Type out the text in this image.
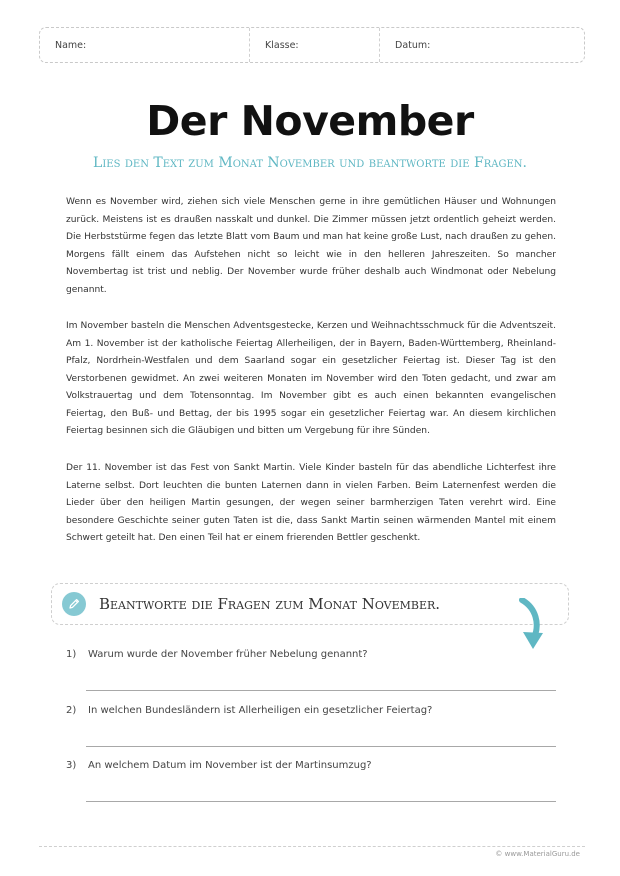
Name:	Klasse:	Datum:
Der November
Lies den Text zum Monat November und beantworte die Fragen.

Wenn es November wird, ziehen sich viele Menschen gerne in ihre gemütlichen Häuser und Wohnungen zurück. Meistens ist es draußen nasskalt und dunkel. Die Zimmer müssen jetzt ordentlich geheizt werden. Die Herbststürme fegen das letzte Blatt vom Baum und man hat keine große Lust, nach draußen zu gehen. Morgens fällt einem das Aufstehen nicht so leicht wie in den helleren Jahreszeiten. So mancher Novembertag ist trist und neblig. Der November wurde früher deshalb auch Windmonat oder Nebelung genannt.

Im November basteln die Menschen Adventsgestecke, Kerzen und Weihnachtsschmuck für die Adventszeit. Am 1. November ist der katholische Feiertag Allerheiligen, der in Bayern, Baden-Württemberg, Rheinland-Pfalz, Nordrhein-Westfalen und dem Saarland sogar ein gesetzlicher Feiertag ist. Dieser Tag ist den Verstorbenen gewidmet. An zwei weiteren Monaten im November wird den Toten gedacht, und zwar am Volkstrauertag und dem Totensonntag. Im November gibt es auch einen bekannten evangelischen Feiertag, den Buß- und Bettag, der bis 1995 sogar ein gesetzlicher Feiertag war. An diesem kirchlichen Feiertag besinnen sich die Gläubigen und bitten um Vergebung für ihre Sünden.

Der 11. November ist das Fest von Sankt Martin. Viele Kinder basteln für das abendliche Lichterfest ihre Laterne selbst. Dort leuchten die bunten Laternen dann in vielen Farben. Beim Laternenfest werden die Lieder über den heiligen Martin gesungen, der wegen seiner barmherzigen Taten verehrt wird. Eine besondere Geschichte seiner guten Taten ist die, dass Sankt Martin seinen wärmenden Mantel mit einem Schwert geteilt hat. Den einen Teil hat er einem frierenden Bettler geschenkt.

Beantworte die Fragen zum Monat November.
1) Warum wurde der November früher Nebelung genannt?
2) In welchen Bundesländern ist Allerheiligen ein gesetzlicher Feiertag?
3) An welchem Datum im November ist der Martinsumzug?
© www.MaterialGuru.de
